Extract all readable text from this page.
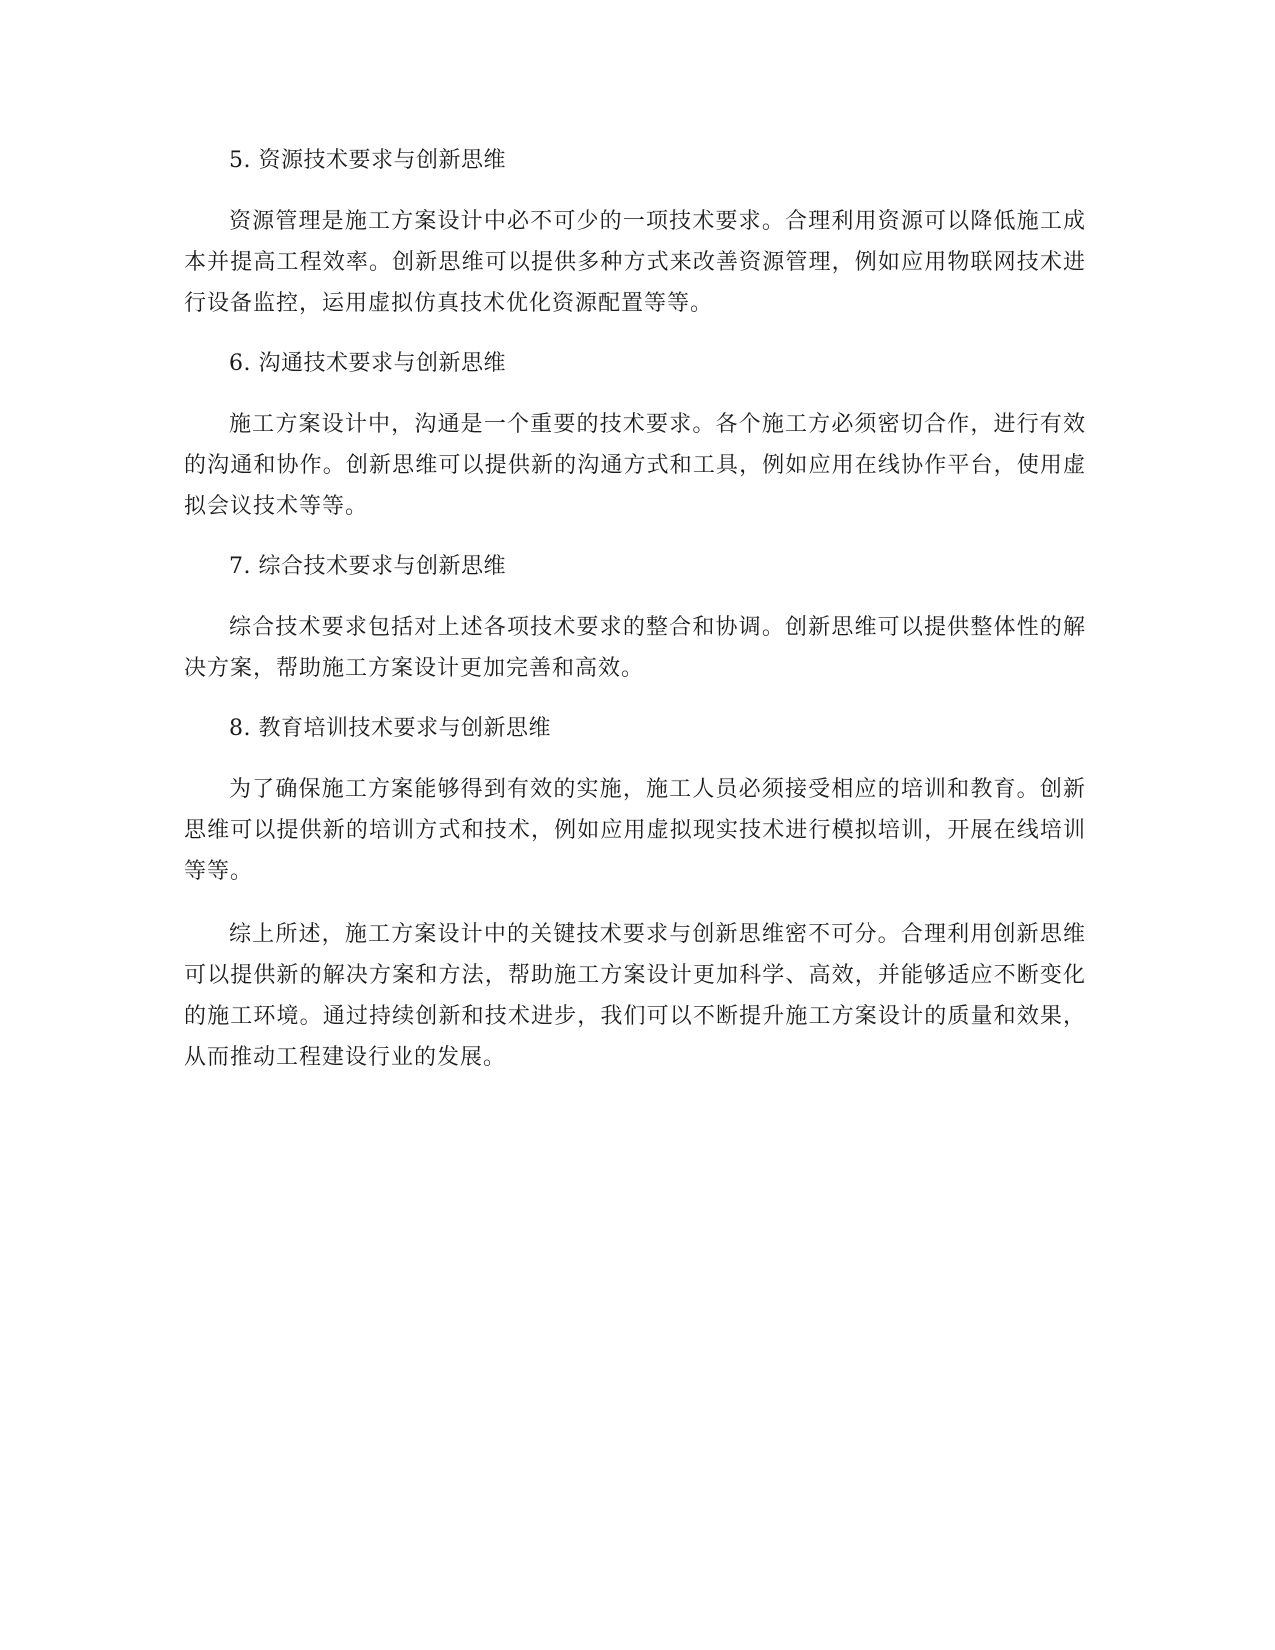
5. 资源技术要求与创新思维
资源管理是施工方案设计中必不可少的一项技术要求。合理利用资源可以降低施工成本并提高工程效率。创新思维可以提供多种方式来改善资源管理，例如应用物联网技术进行设备监控，运用虚拟仿真技术优化资源配置等等。
6. 沟通技术要求与创新思维
施工方案设计中，沟通是一个重要的技术要求。各个施工方必须密切合作，进行有效的沟通和协作。创新思维可以提供新的沟通方式和工具，例如应用在线协作平台，使用虚拟会议技术等等。
7. 综合技术要求与创新思维
综合技术要求包括对上述各项技术要求的整合和协调。创新思维可以提供整体性的解决方案，帮助施工方案设计更加完善和高效。
8. 教育培训技术要求与创新思维
为了确保施工方案能够得到有效的实施，施工人员必须接受相应的培训和教育。创新思维可以提供新的培训方式和技术，例如应用虚拟现实技术进行模拟培训，开展在线培训等等。
综上所述，施工方案设计中的关键技术要求与创新思维密不可分。合理利用创新思维可以提供新的解决方案和方法，帮助施工方案设计更加科学、高效，并能够适应不断变化的施工环境。通过持续创新和技术进步，我们可以不断提升施工方案设计的质量和效果，从而推动工程建设行业的发展。
